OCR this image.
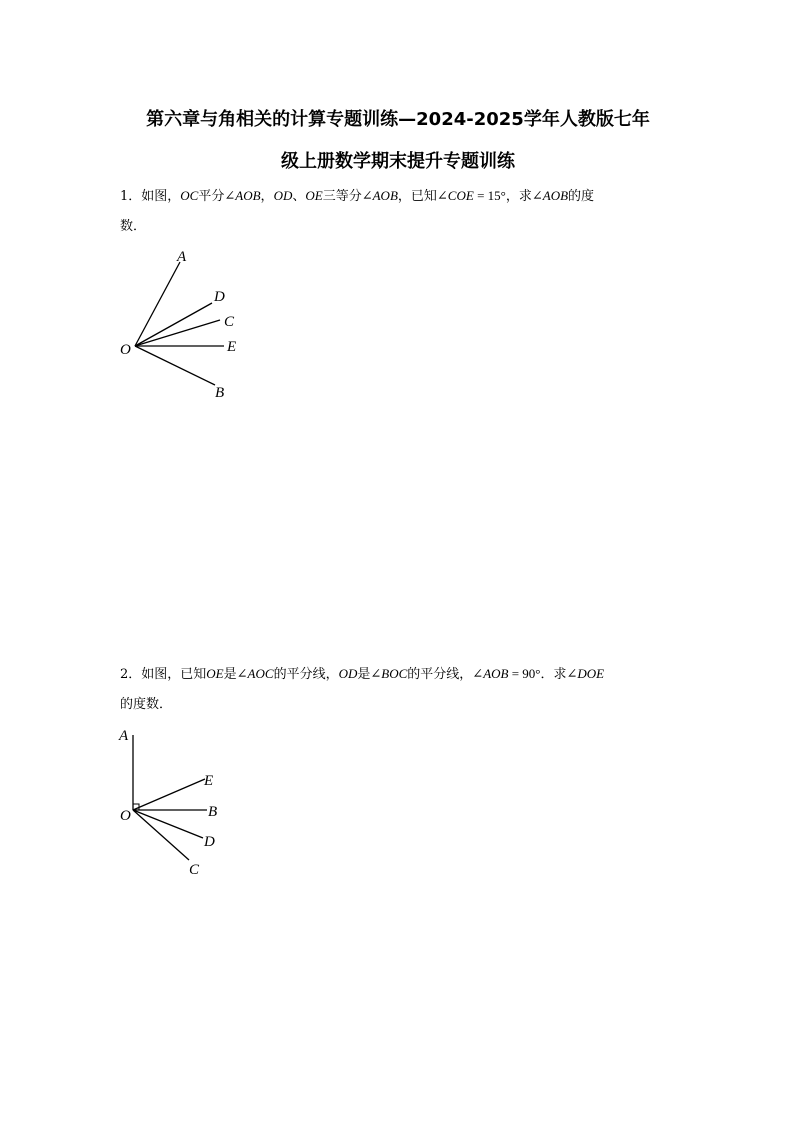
第六章与角相关的计算专题训练—2024-2025学年人教版七年
级上册数学期末提升专题训练
1．如图，OC平分∠AOB，OD、OE三等分∠AOB，已知∠COE = 15°，求∠AOB的度
数．
A
D
C
E
O
B
2．如图，已知OE是∠AOC的平分线，OD是∠BOC的平分线，∠AOB = 90°．求∠DOE
的度数．
A
E
O	B
D
C
